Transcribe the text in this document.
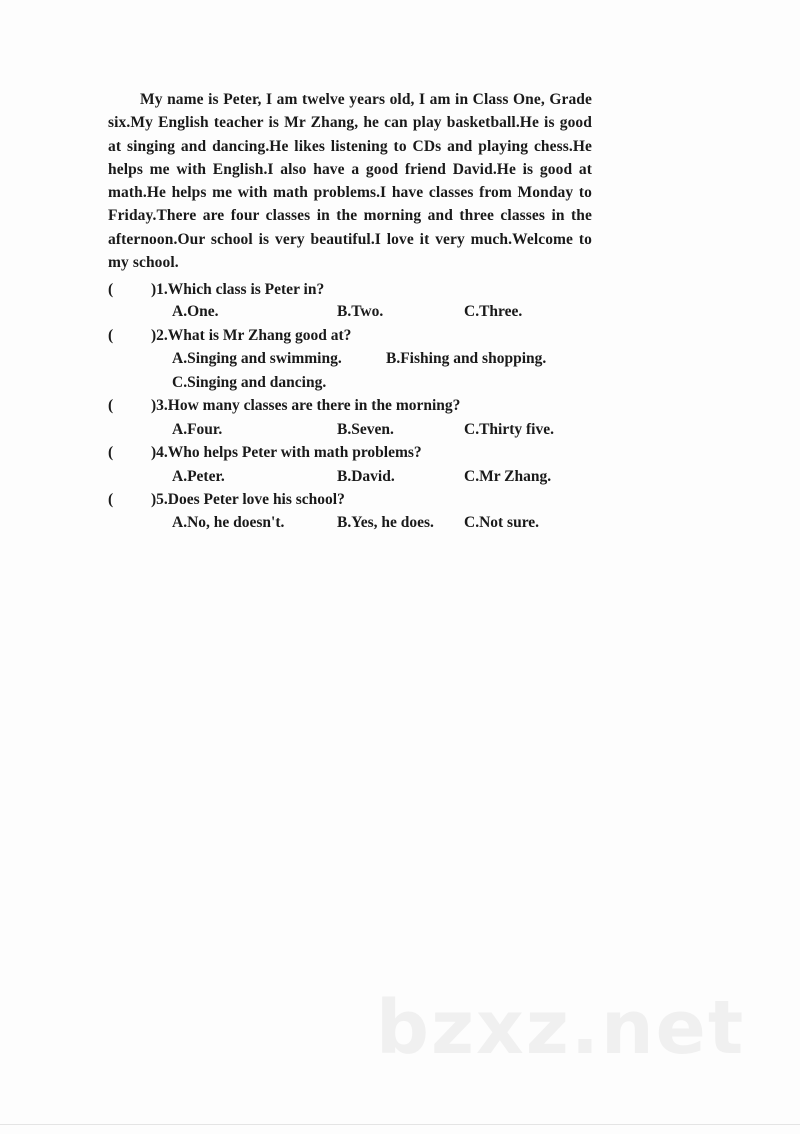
My name is Peter, I am twelve years old, I am in Class One, Grade six.My English teacher is Mr Zhang, he can play basketball.He is good at singing and dancing.He likes listening to CDs and playing chess.He helps me with English.I also have a good friend David.He is good at math.He helps me with math problems.I have classes from Monday to Friday.There are four classes in the morning and three classes in the afternoon.Our school is very beautiful.I love it very much.Welcome to my school.

( )1.Which class is Peter in?
A.One.	B.Two.	C.Three.
( )2.What is Mr Zhang good at?
A.Singing and swimming.	B.Fishing and shopping.
C.Singing and dancing.
( )3.How many classes are there in the morning?
A.Four.	B.Seven.	C.Thirty five.
( )4.Who helps Peter with math problems?
A.Peter.	B.David.	C.Mr Zhang.
( )5.Does Peter love his school?
A.No, he doesn't.	B.Yes, he does. C.Not sure.
bzxz.net
